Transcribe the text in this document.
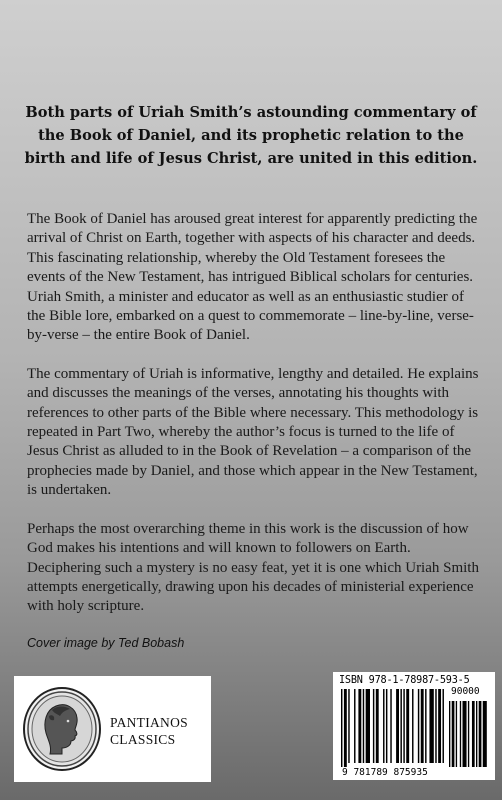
Both parts of Uriah Smith’s astounding commentary of the Book of Daniel, and its prophetic relation to the birth and life of Jesus Christ, are united in this edition.

The Book of Daniel has aroused great interest for apparently predicting the arrival of Christ on Earth, together with aspects of his character and deeds. This fascinating relationship, whereby the Old Testament foresees the events of the New Testament, has intrigued Biblical scholars for centuries. Uriah Smith, a minister and educator as well as an enthusiastic studier of the Bible lore, embarked on a quest to commemorate – line-by-line, verse-by-verse – the entire Book of Daniel.

The commentary of Uriah is informative, lengthy and detailed. He explains and discusses the meanings of the verses, annotating his thoughts with references to other parts of the Bible where necessary. This methodology is repeated in Part Two, whereby the author’s focus is turned to the life of Jesus Christ as alluded to in the Book of Revelation – a comparison of the prophecies made by Daniel, and those which appear in the New Testament, is undertaken.

Perhaps the most overarching theme in this work is the discussion of how God makes his intentions and will known to followers on Earth. Deciphering such a mystery is no easy feat, yet it is one which Uriah Smith attempts energetically, drawing upon his decades of ministerial experience with holy scripture.

Cover image by Ted Bobash

PANTIANOS
CLASSICS

ISBN 978-1-78987-593-5

90000

9 781789 875935
